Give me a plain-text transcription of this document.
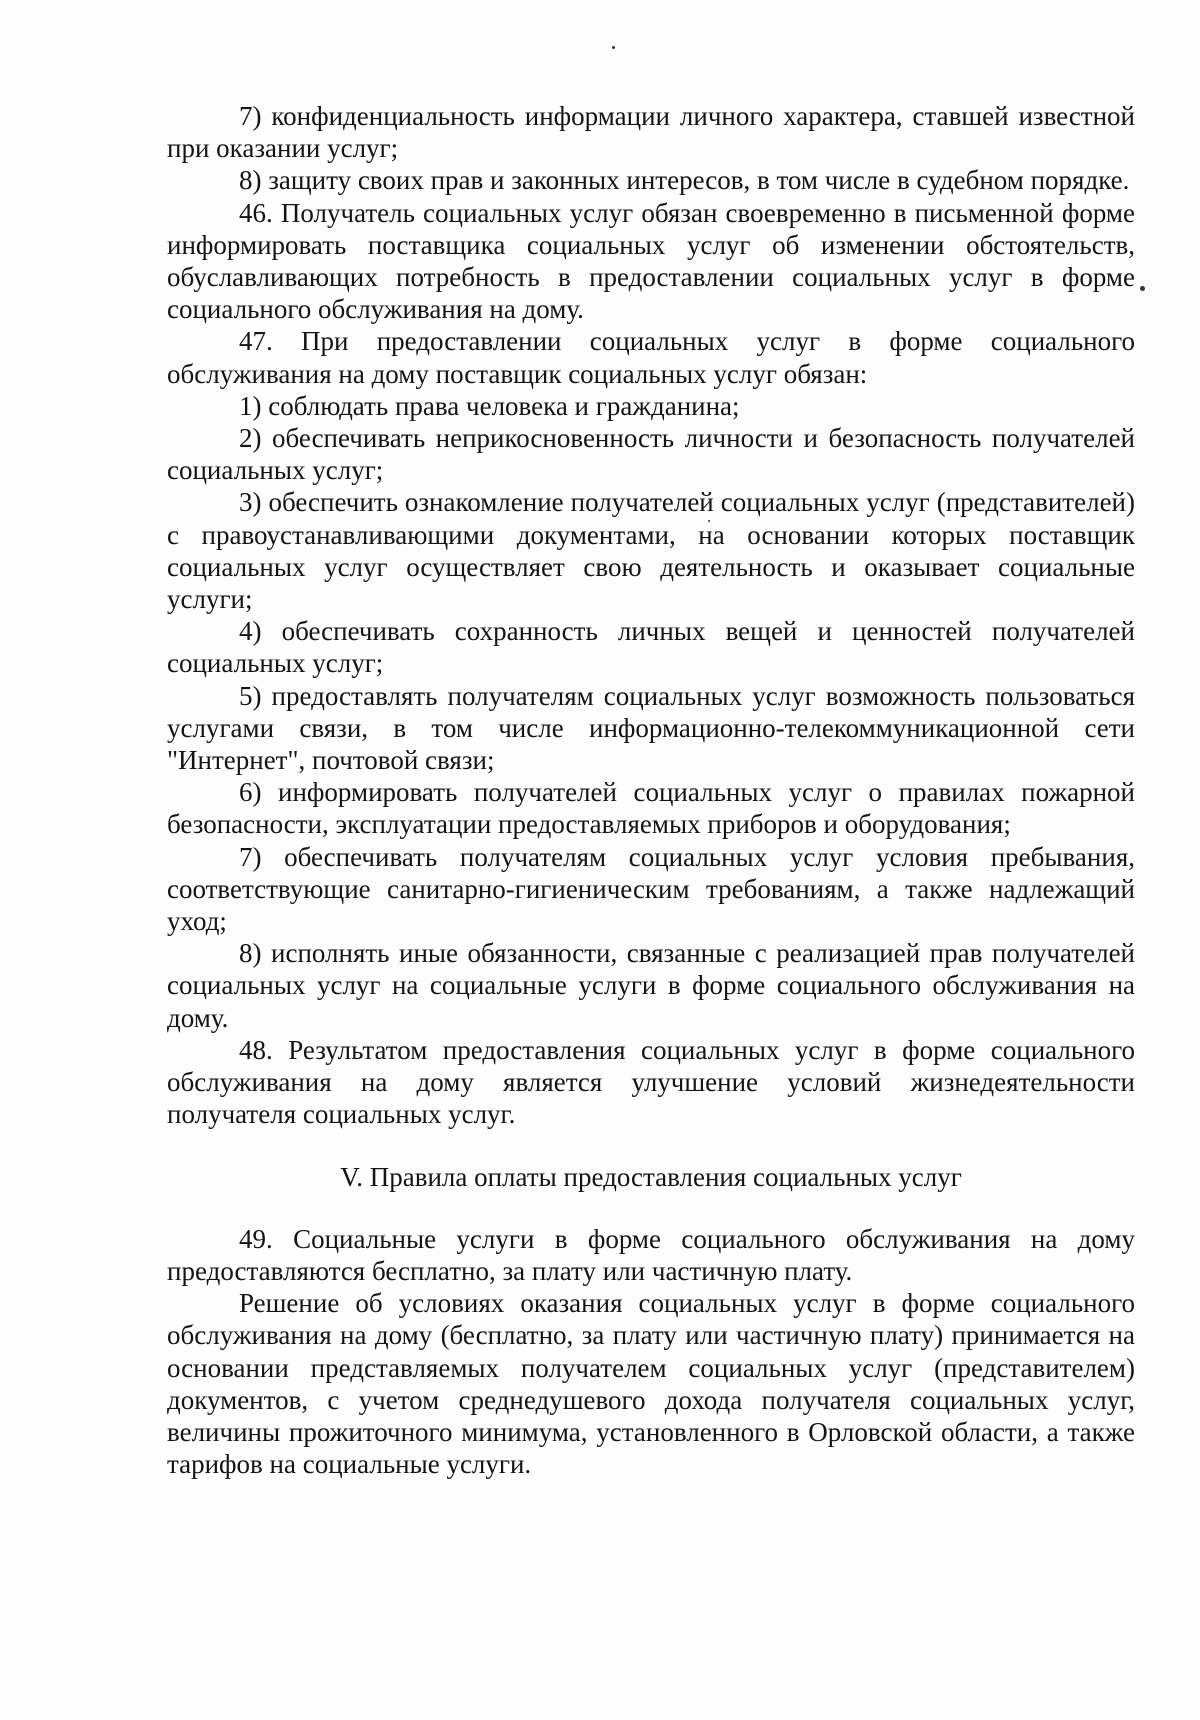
7) конфиденциальность информации личного характера, ставшей известной при оказании услуг;

8) защиту своих прав и законных интересов, в том числе в судебном порядке.

46. Получатель социальных услуг обязан своевременно в письменной форме информировать поставщика социальных услуг об изменении обстоятельств, обуславливающих потребность в предоставлении социальных услуг в форме социального обслуживания на дому.

47. При предоставлении социальных услуг в форме социального обслуживания на дому поставщик социальных услуг обязан:

1) соблюдать права человека и гражданина;

2) обеспечивать неприкосновенность личности и безопасность получателей социальных услуг;

3) обеспечить ознакомление получателей социальных услуг (представителей) с правоустанавливающими документами, на основании которых поставщик социальных услуг осуществляет свою деятельность и оказывает социальные услуги;

4) обеспечивать сохранность личных вещей и ценностей получателей социальных услуг;

5) предоставлять получателям социальных услуг возможность пользоваться услугами связи, в том числе информационно-телекоммуникационной сети "Интернет", почтовой связи;

6) информировать получателей социальных услуг о правилах пожарной безопасности, эксплуатации предоставляемых приборов и оборудования;

7) обеспечивать получателям социальных услуг условия пребывания, соответствующие санитарно-гигиеническим требованиям, а также надлежащий уход;

8) исполнять иные обязанности, связанные с реализацией прав получателей социальных услуг на социальные услуги в форме социального обслуживания на дому.

48. Результатом предоставления социальных услуг в форме социального обслуживания на дому является улучшение условий жизнедеятельности получателя социальных услуг.

V. Правила оплаты предоставления социальных услуг

49. Социальные услуги в форме социального обслуживания на дому предоставляются бесплатно, за плату или частичную плату.

Решение об условиях оказания социальных услуг в форме социального обслуживания на дому (бесплатно, за плату или частичную плату) принимается на основании представляемых получателем социальных услуг (представителем) документов, с учетом среднедушевого дохода получателя социальных услуг, величины прожиточного минимума, установленного в Орловской области, а также тарифов на социальные услуги.
